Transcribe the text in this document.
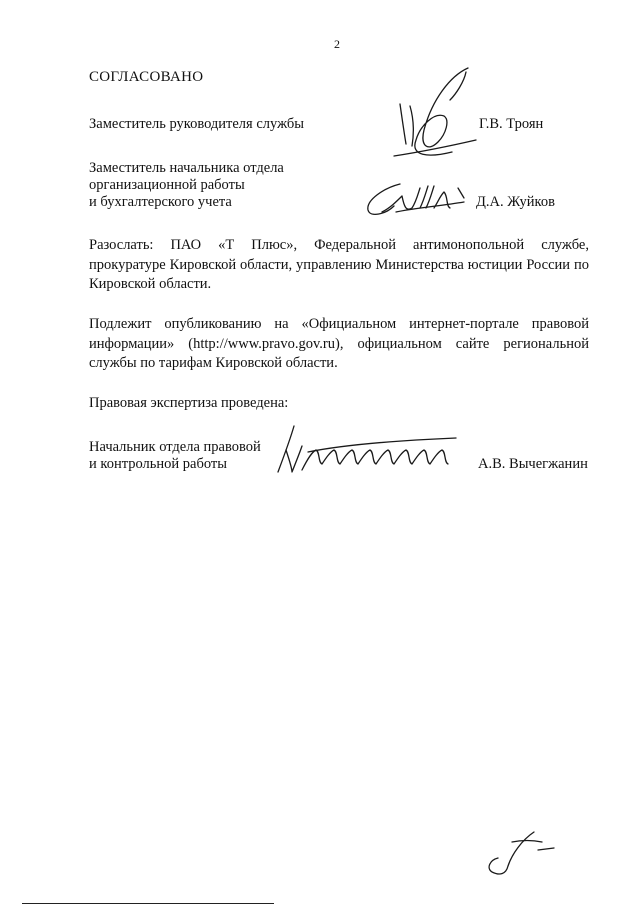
2
СОГЛАСОВАНО
Заместитель руководителя службы	Г.В. Троян
Заместитель начальника отдела
организационной работы
и бухгалтерского учета	Д.А. Жуйков
Разослать: ПАО «Т Плюс», Федеральной антимонопольной службе, прокуратуре Кировской области, управлению Министерства юстиции России по Кировской области.
Подлежит опубликованию на «Официальном интернет-портале правовой информации» (http://www.pravo.gov.ru), официальном сайте региональной службы по тарифам Кировской области.
Правовая экспертиза проведена:
Начальник отдела правовой
и контрольной работы	А.В. Вычегжанин
